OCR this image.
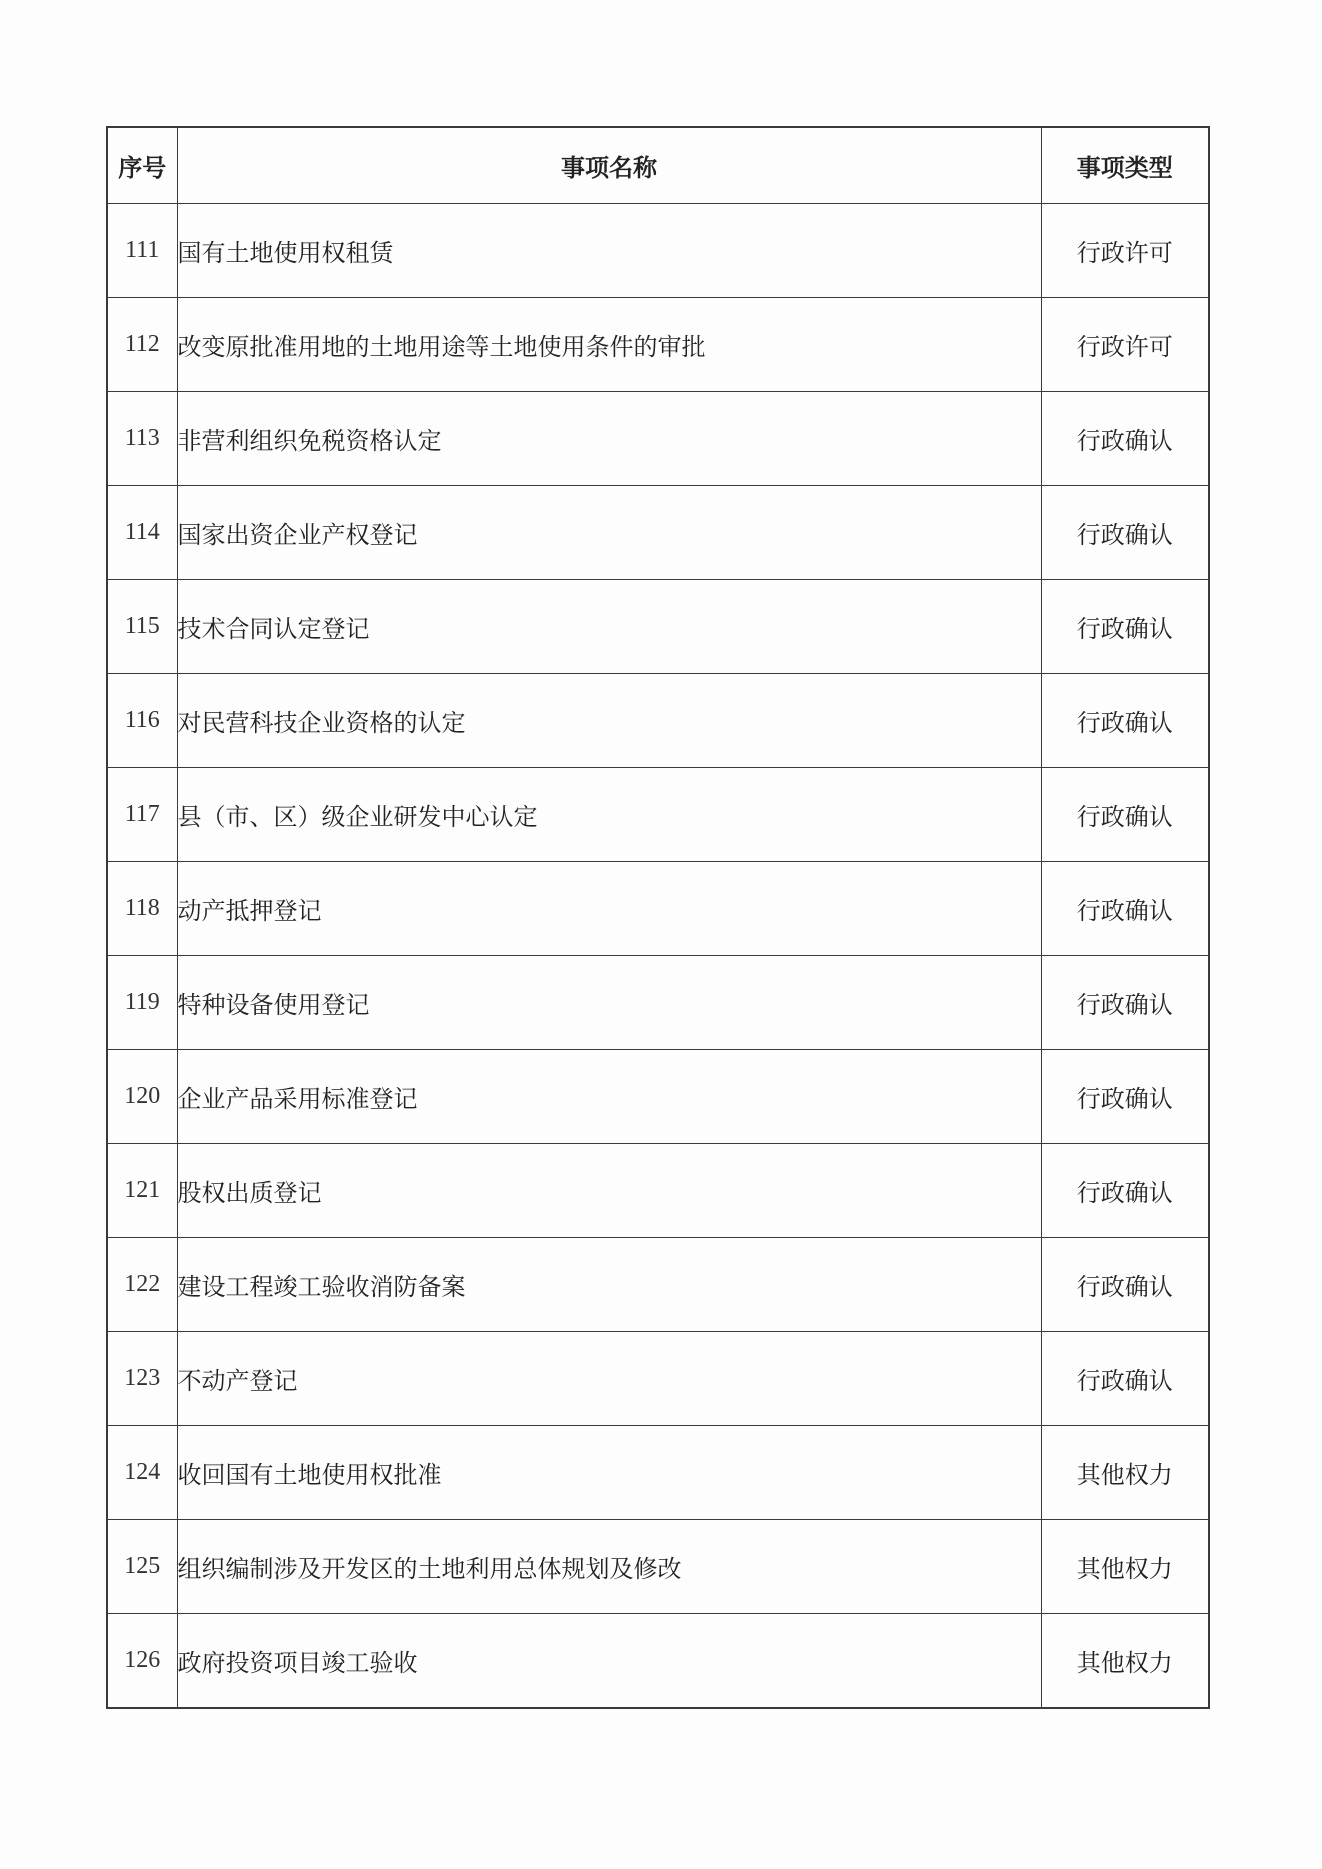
序号	事项名称	事项类型
111	国有土地使用权租赁	行政许可
112	改变原批准用地的土地用途等土地使用条件的审批	行政许可
113	非营利组织免税资格认定	行政确认
114	国家出资企业产权登记	行政确认
115	技术合同认定登记	行政确认
116	对民营科技企业资格的认定	行政确认
117	县（市、区）级企业研发中心认定	行政确认
118	动产抵押登记	行政确认
119	特种设备使用登记	行政确认
120	企业产品采用标准登记	行政确认
121	股权出质登记	行政确认
122	建设工程竣工验收消防备案	行政确认
123	不动产登记	行政确认
124	收回国有土地使用权批准	其他权力
125	组织编制涉及开发区的土地利用总体规划及修改	其他权力
126	政府投资项目竣工验收	其他权力
